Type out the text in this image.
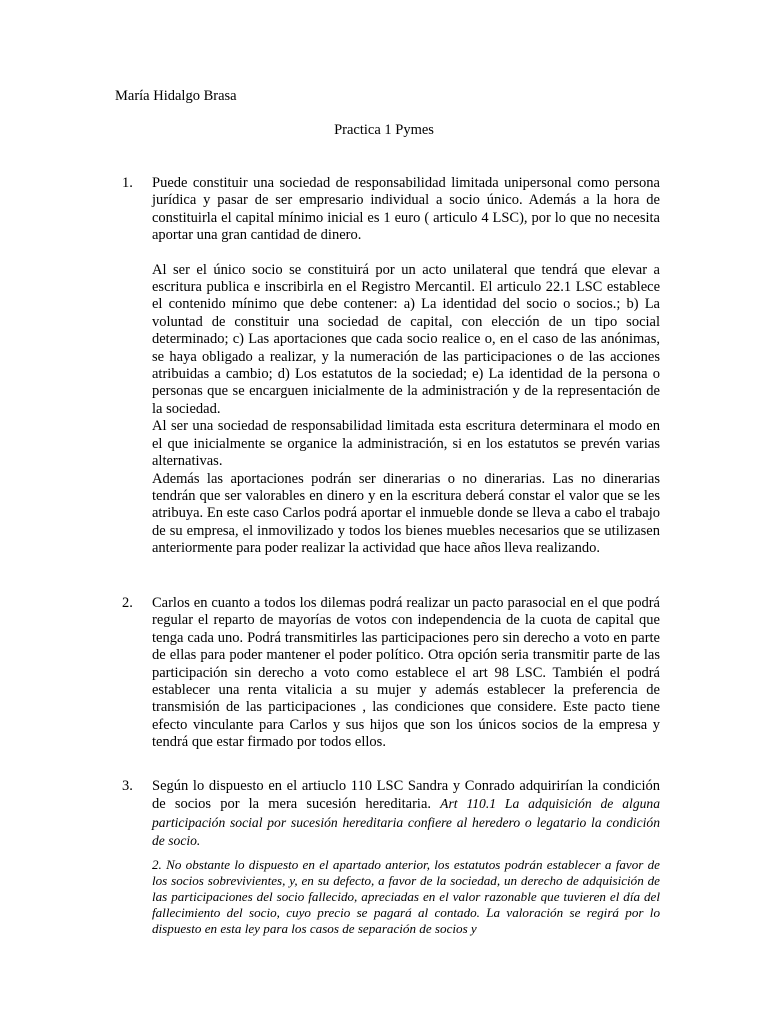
María Hidalgo Brasa
Practica 1 Pymes
1. Puede constituir una sociedad de responsabilidad limitada unipersonal como persona jurídica y pasar de ser empresario individual a socio único. Además a la hora de constituirla el capital mínimo inicial es 1 euro ( articulo 4 LSC), por lo que no necesita aportar una gran cantidad de dinero.

Al ser el único socio se constituirá por un acto unilateral que tendrá que elevar a escritura publica e inscribirla en el Registro Mercantil. El articulo 22.1 LSC establece el contenido mínimo que debe contener: a) La identidad del socio o socios.; b) La voluntad de constituir una sociedad de capital, con elección de un tipo social determinado; c) Las aportaciones que cada socio realice o, en el caso de las anónimas, se haya obligado a realizar, y la numeración de las participaciones o de las acciones atribuidas a cambio; d) Los estatutos de la sociedad; e) La identidad de la persona o personas que se encarguen inicialmente de la administración y de la representación de la sociedad.

Al ser una sociedad de responsabilidad limitada esta escritura determinara el modo en el que inicialmente se organice la administración, si en los estatutos se prevén varias alternativas.

Además las aportaciones podrán ser dinerarias o no dinerarias. Las no dinerarias tendrán que ser valorables en dinero y en la escritura deberá constar el valor que se les atribuya. En este caso Carlos podrá aportar el inmueble donde se lleva a cabo el trabajo de su empresa, el inmovilizado y todos los bienes muebles necesarios que se utilizasen anteriormente para poder realizar la actividad que hace años lleva realizando.

2. Carlos en cuanto a todos los dilemas podrá realizar un pacto parasocial en el que podrá regular el reparto de mayorías de votos con independencia de la cuota de capital que tenga cada uno. Podrá transmitirles las participaciones pero sin derecho a voto en parte de ellas para poder mantener el poder político. Otra opción seria transmitir parte de las participación sin derecho a voto como establece el art 98 LSC. También el podrá establecer una renta vitalicia a su mujer y además establecer la preferencia de transmisión de las participaciones , las condiciones que considere. Este pacto tiene efecto vinculante para Carlos y sus hijos que son los únicos socios de la empresa y tendrá que estar firmado por todos ellos.

3. Según lo dispuesto en el artiuclo 110 LSC Sandra y Conrado adquirirían la condición de socios por la mera sucesión hereditaria. Art 110.1 La adquisición de alguna participación social por sucesión hereditaria confiere al heredero o legatario la condición de socio.

2. No obstante lo dispuesto en el apartado anterior, los estatutos podrán establecer a favor de los socios sobrevivientes, y, en su defecto, a favor de la sociedad, un derecho de adquisición de las participaciones del socio fallecido, apreciadas en el valor razonable que tuvieren el día del fallecimiento del socio, cuyo precio se pagará al contado. La valoración se regirá por lo dispuesto en esta ley para los casos de separación de socios y
